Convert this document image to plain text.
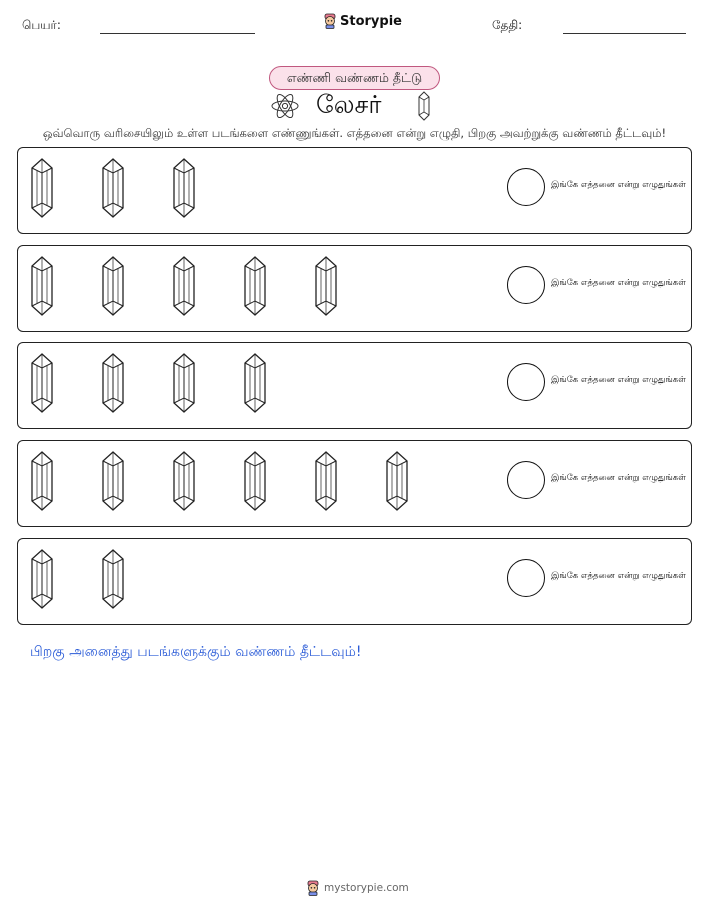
பெயர்:	Storypie	தேதி:
எண்ணி வண்ணம் தீட்டு
லேசர்
ஒவ்வொரு வரிசையிலும் உள்ள படங்களை எண்ணுங்கள். எத்தனை என்று எழுதி, பிறகு அவற்றுக்கு வண்ணம் தீட்டவும்!
இங்கே எத்தனை என்று எழுதுங்கள்
இங்கே எத்தனை என்று எழுதுங்கள்
இங்கே எத்தனை என்று எழுதுங்கள்
இங்கே எத்தனை என்று எழுதுங்கள்
இங்கே எத்தனை என்று எழுதுங்கள்
பிறகு அனைத்து படங்களுக்கும் வண்ணம் தீட்டவும்!
mystorypie.com
